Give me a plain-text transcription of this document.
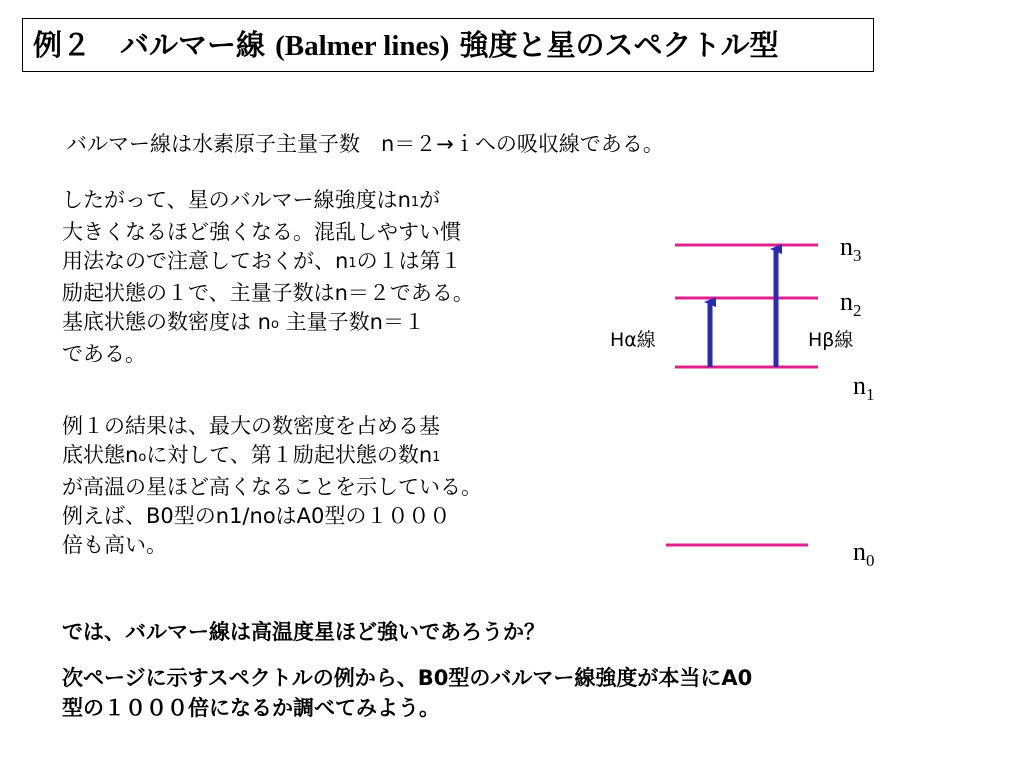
例２　バルマー線 (Balmer lines) 強度と星のスペクトル型
バルマー線は水素原子主量子数　n＝２→ｉへの吸収線である。
したがって、星のバルマー線強度は$n_1$が
大きくなるほど強くなる。混乱しやすい慣
用法なので注意しておくが、$n_1$の１は第１
励起状態の１で、主量子数はn＝２である。
基底状態の数密度は $n_o$ 主量子数n＝１
である。
例１の結果は、最大の数密度を占める基
底状態$n_o$に対して、第１励起状態の数$n_1$
が高温の星ほど高くなることを示している。
例えば、B0型のn1/noはA0型の１０００
倍も高い。
では、バルマー線は高温度星ほど強いであろうか？
次ページに示すスペクトルの例から、B0型のバルマー線強度が本当にA0
型の１０００倍になるか調べてみよう。
Hα線	Hβ線
$n_3$
$n_2$
$n_1$
$n_0$
